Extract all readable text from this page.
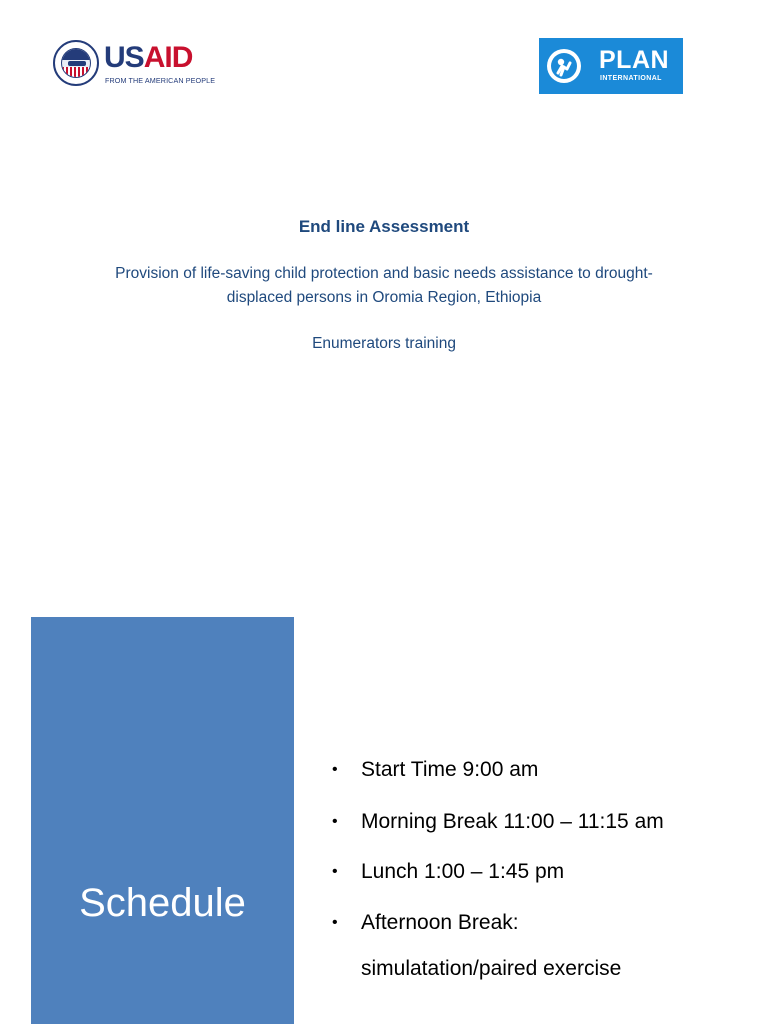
USAID
FROM THE AMERICAN PEOPLE
PLAN
INTERNATIONAL
End line Assessment
Provision of life-saving child protection and basic needs assistance to drought-
displaced persons in Oromia Region, Ethiopia
Enumerators training
Schedule
• Start Time 9:00 am
• Morning Break 11:00 – 11:15 am
• Lunch 1:00 – 1:45 pm
• Afternoon Break:
simulatation/paired exercise
